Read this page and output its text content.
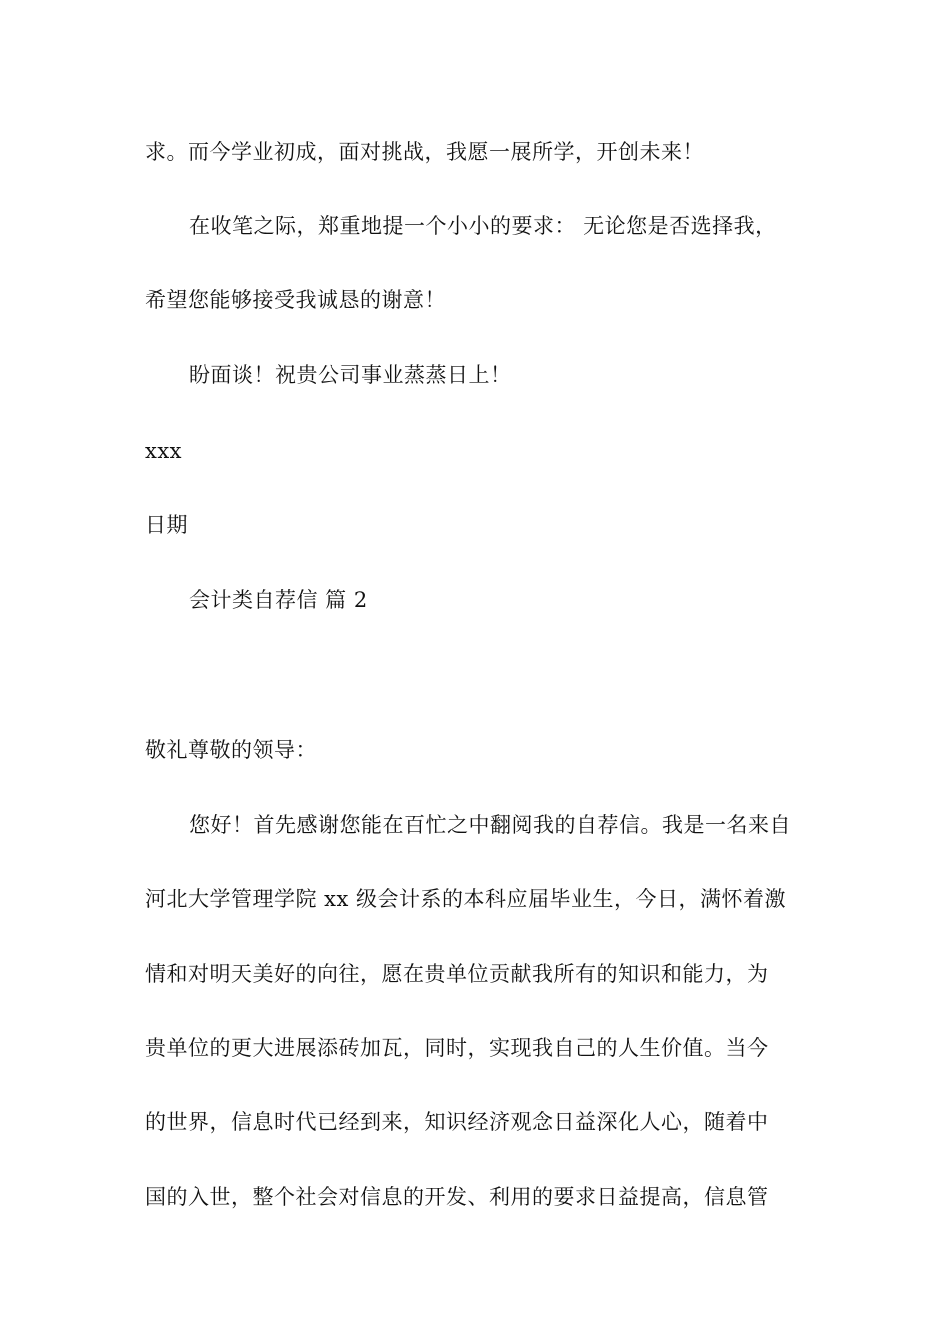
求。而今学业初成，面对挑战，我愿一展所学，开创未来！
在收笔之际，郑重地提一个小小的要求： 无论您是否选择我，
希望您能够接受我诚恳的谢意！
盼面谈！祝贵公司事业蒸蒸日上！
xxx
日期
会计类自荐信 篇 2
敬礼尊敬的领导：
您好！首先感谢您能在百忙之中翻阅我的自荐信。我是一名来自
河北大学管理学院 xx 级会计系的本科应届毕业生，今日，满怀着激
情和对明天美好的向往，愿在贵单位贡献我所有的知识和能力，为
贵单位的更大进展添砖加瓦，同时，实现我自己的人生价值。当今
的世界，信息时代已经到来，知识经济观念日益深化人心，随着中
国的入世，整个社会对信息的开发、利用的要求日益提高，信息管
